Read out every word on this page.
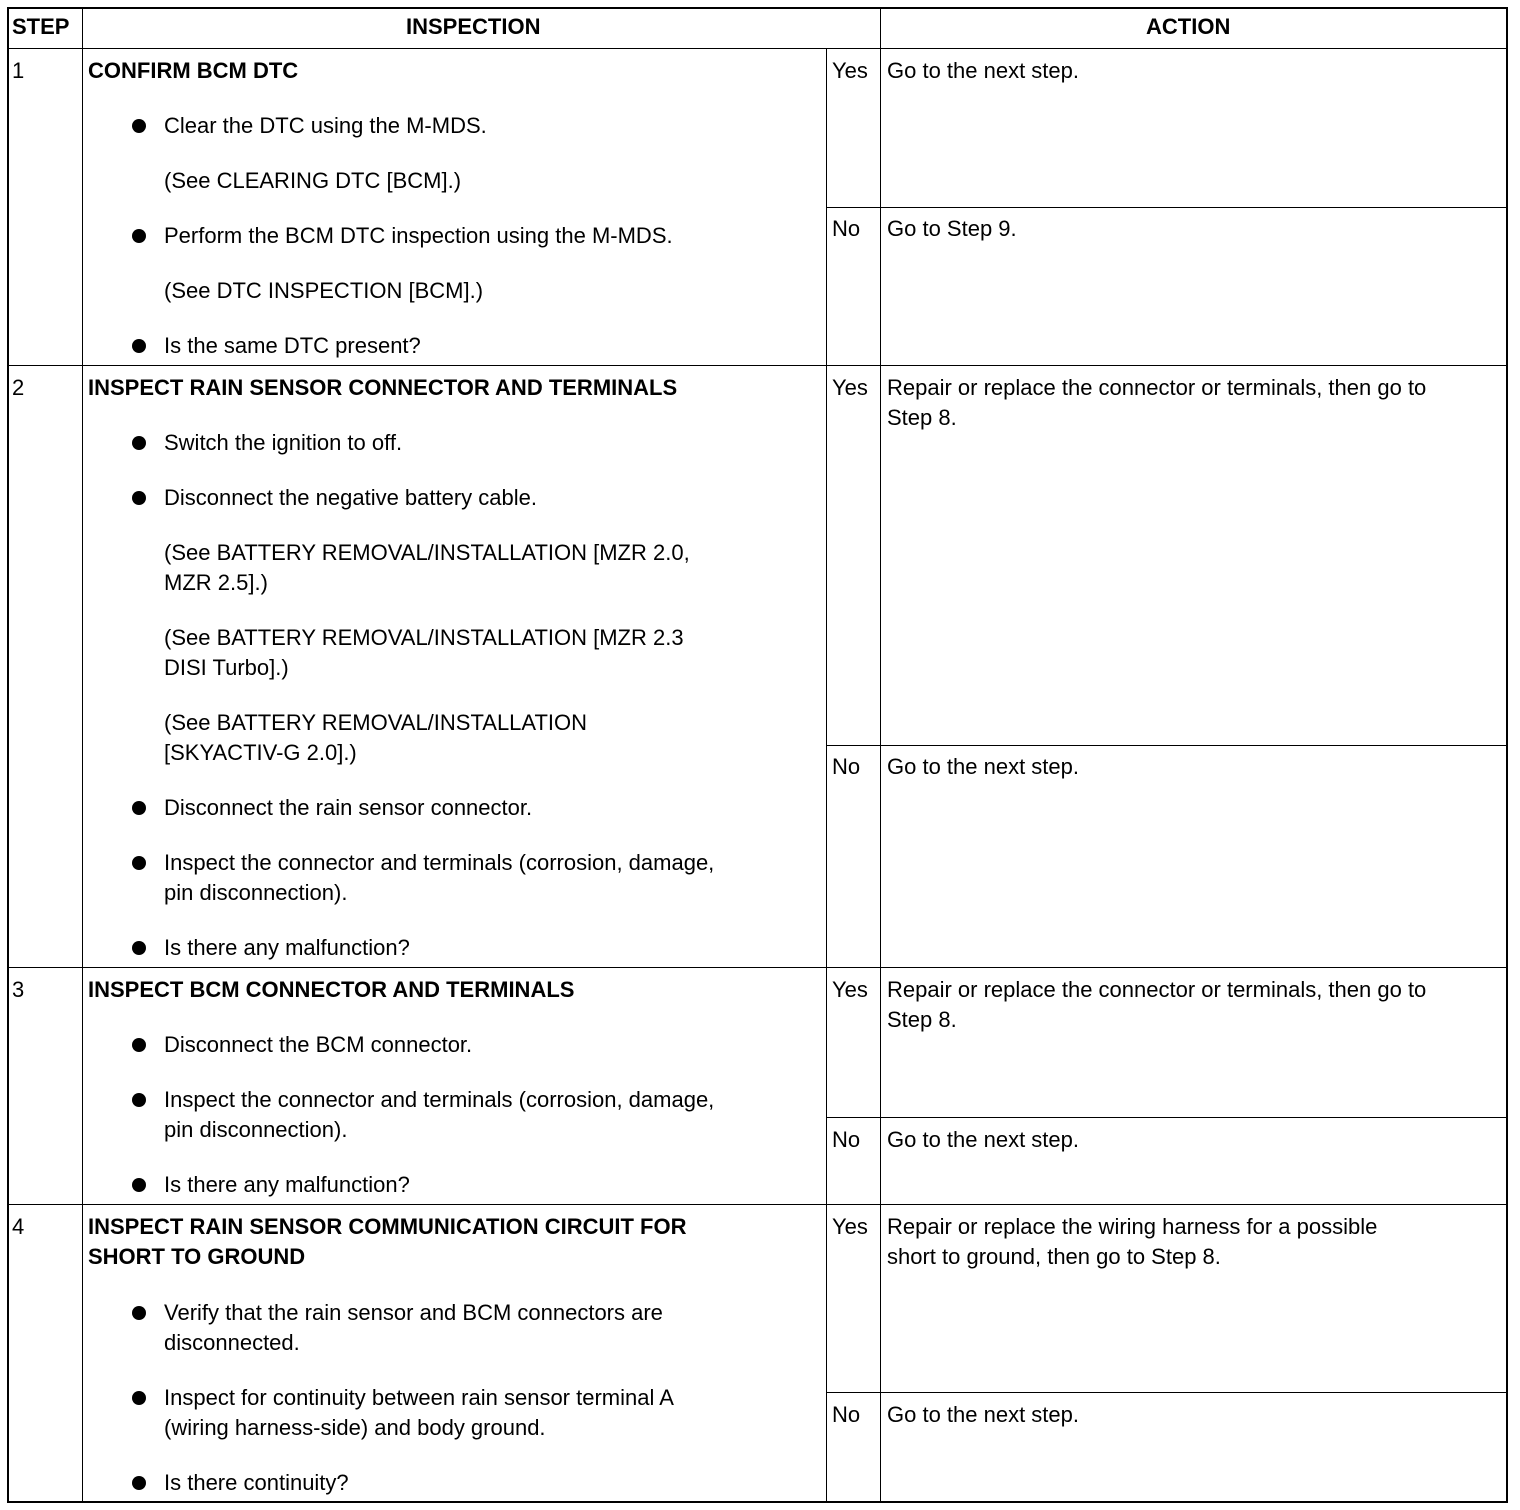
STEP	INSPECTION	ACTION
1	CONFIRM BCM DTC
Clear the DTC using the M-MDS.
(See CLEARING DTC [BCM].)
Perform the BCM DTC inspection using the M-MDS.
(See DTC INSPECTION [BCM].)
Is the same DTC present?
Yes Go to the next step.
No Go to Step 9.
2	INSPECT RAIN SENSOR CONNECTOR AND TERMINALS
Switch the ignition to off.
Disconnect the negative battery cable.
(See BATTERY REMOVAL/INSTALLATION [MZR 2.0,
MZR 2.5].)
(See BATTERY REMOVAL/INSTALLATION [MZR 2.3
DISI Turbo].)
(See BATTERY REMOVAL/INSTALLATION
[SKYACTIV-G 2.0].)
Disconnect the rain sensor connector.
Inspect the connector and terminals (corrosion, damage,
pin disconnection).
Is there any malfunction?
Yes Repair or replace the connector or terminals, then go to
Step 8.
No Go to the next step.
3	INSPECT BCM CONNECTOR AND TERMINALS
Disconnect the BCM connector.
Inspect the connector and terminals (corrosion, damage,
pin disconnection).
Is there any malfunction?
Yes Repair or replace the connector or terminals, then go to
Step 8.
No Go to the next step.
4	INSPECT RAIN SENSOR COMMUNICATION CIRCUIT FOR
SHORT TO GROUND
Verify that the rain sensor and BCM connectors are
disconnected.
Inspect for continuity between rain sensor terminal A
(wiring harness-side) and body ground.
Is there continuity?
Yes Repair or replace the wiring harness for a possible
short to ground, then go to Step 8.
No Go to the next step.
